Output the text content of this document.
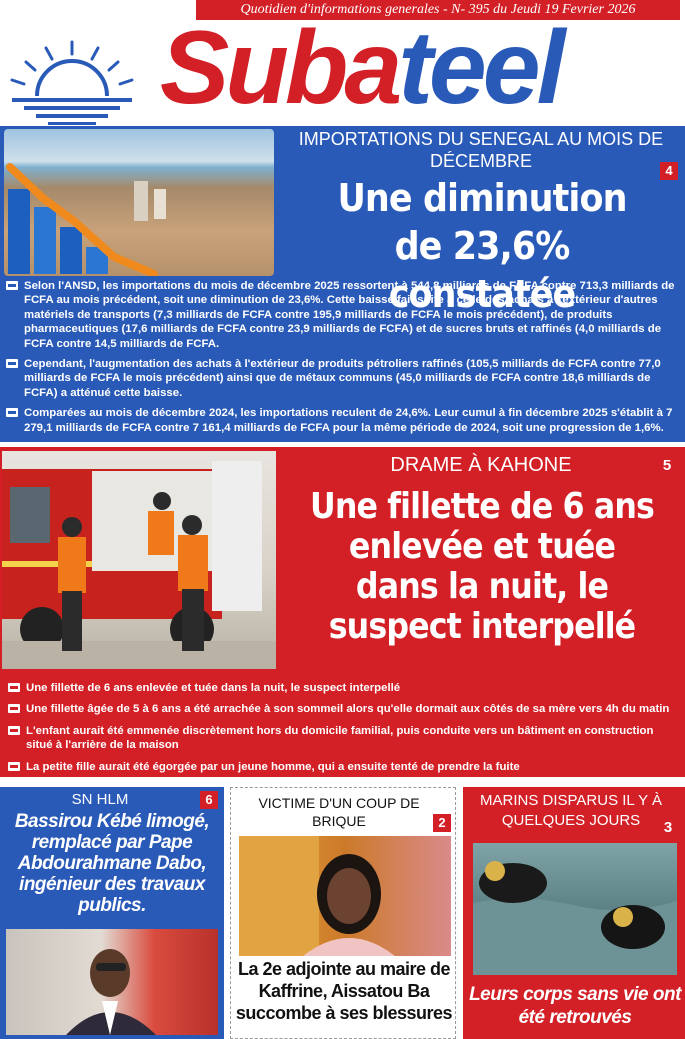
Quotidien d'informations generales - N- 395 du Jeudi 19 Fevrier 2026
Subateel
IMPORTATIONS DU SENEGAL AU MOIS DE DÉCEMBRE	4
Une diminution
de 23,6% constatée
Selon l'ANSD, les importations du mois de décembre 2025 ressortent à 544,8 milliards de FCFA contre 713,3 milliards de FCFA au mois précédent, soit une diminution de 23,6%. Cette baisse fait suite à celle des achats à l'extérieur d'autres matériels de transports (7,3 milliards de FCFA contre 195,9 milliards de FCFA le mois précédent), de produits pharmaceutiques (17,6 milliards de FCFA contre 23,9 milliards de FCFA) et de sucres bruts et raffinés (4,0 milliards de FCFA contre 14,5 milliards de FCFA.
Cependant, l'augmentation des achats à l'extérieur de produits pétroliers raffinés (105,5 milliards de FCFA contre 77,0 milliards de FCFA le mois précédent) ainsi que de métaux communs (45,0 milliards de FCFA contre 18,6 milliards de FCFA) a atténué cette baisse.
Comparées au mois de décembre 2024, les importations reculent de 24,6%. Leur cumul à fin décembre 2025 s'établit à 7 279,1 milliards de FCFA contre 7 161,4 milliards de FCFA pour la même période de 2024, soit une progression de 1,6%.
DRAME À KAHONE	5
Une fillette de 6 ans enlevée et tuée dans la nuit, le suspect interpellé
Une fillette de 6 ans enlevée et tuée dans la nuit, le suspect interpellé
Une fillette âgée de 5 à 6 ans a été arrachée à son sommeil alors qu'elle dormait aux côtés de sa mère vers 4h du matin
L'enfant aurait été emmenée discrètement hors du domicile familial, puis conduite vers un bâtiment en construction situé à l'arrière de la maison
La petite fille aurait été égorgée par un jeune homme, qui a ensuite tenté de prendre la fuite
SN HLM	6
Bassirou Kébé limogé, remplacé par Pape Abdourahmane Dabo, ingénieur des travaux publics.
VICTIME D'UN COUP DE BRIQUE	2
La 2e adjointe au maire de Kaffrine, Aissatou Ba succombe à ses blessures
MARINS DISPARUS IL Y À QUELQUES JOURS	3
Leurs corps sans vie ont été retrouvés
